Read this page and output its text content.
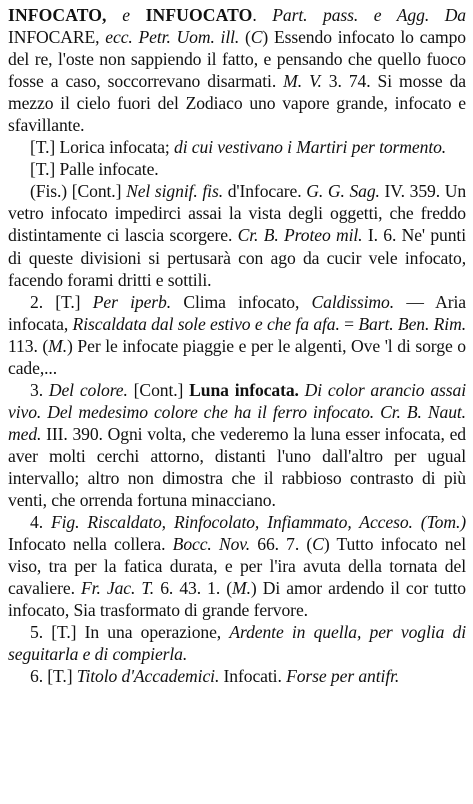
INFOCATO, e INFUOCATO. Part. pass. e Agg. Da INFOCARE, ecc. Petr. Uom. ill. (C) Essendo infocato lo campo del re, l'oste non sappiendo il fatto, e pensando che quello fuoco fosse a caso, soccorrevano disarmati. M. V. 3. 74. Si mosse da mezzo il cielo fuori del Zodiaco uno vapore grande, infocato e sfavillante.

[T.] Lorica infocata; di cui vestivano i Martiri per tormento.

[T.] Palle infocate.

(Fis.) [Cont.] Nel signif. fis. d'Infocare. G. G. Sag. IV. 359. Un vetro infocato impedirci assai la vista degli oggetti, che freddo distintamente ci lascia scorgere. Cr. B. Proteo mil. I. 6. Ne' punti di queste divisioni si pertusarà con ago da cucir vele infocato, facendo forami dritti e sottili.

2. [T.] Per iperb. Clima infocato, Caldissimo. — Aria infocata, Riscaldata dal sole estivo e che fa afa. = Bart. Ben. Rim. 113. (M.) Per le infocate piaggie e per le algenti, Ove 'l di sorge o cade,...

3. Del colore. [Cont.] Luna infocata. Di color arancio assai vivo. Del medesimo colore che ha il ferro infocato. Cr. B. Naut. med. III. 390. Ogni volta, che vederemo la luna esser infocata, ed aver molti cerchi attorno, distanti l'uno dall'altro per ugual intervallo; altro non dimostra che il rabbioso contrasto di più venti, che orrenda fortuna minacciano.

4. Fig. Riscaldato, Rinfocolato, Infiammato, Acceso. (Tom.) Infocato nella collera. Bocc. Nov. 66. 7. (C) Tutto infocato nel viso, tra per la fatica durata, e per l'ira avuta della tornata del cavaliere. Fr. Jac. T. 6. 43. 1. (M.) Di amor ardendo il cor tutto infocato, Sia trasformato di grande fervore.

5. [T.] In una operazione, Ardente in quella, per voglia di seguitarla e di compierla.

6. [T.] Titolo d'Accademici. Infocati. Forse per antifr.
